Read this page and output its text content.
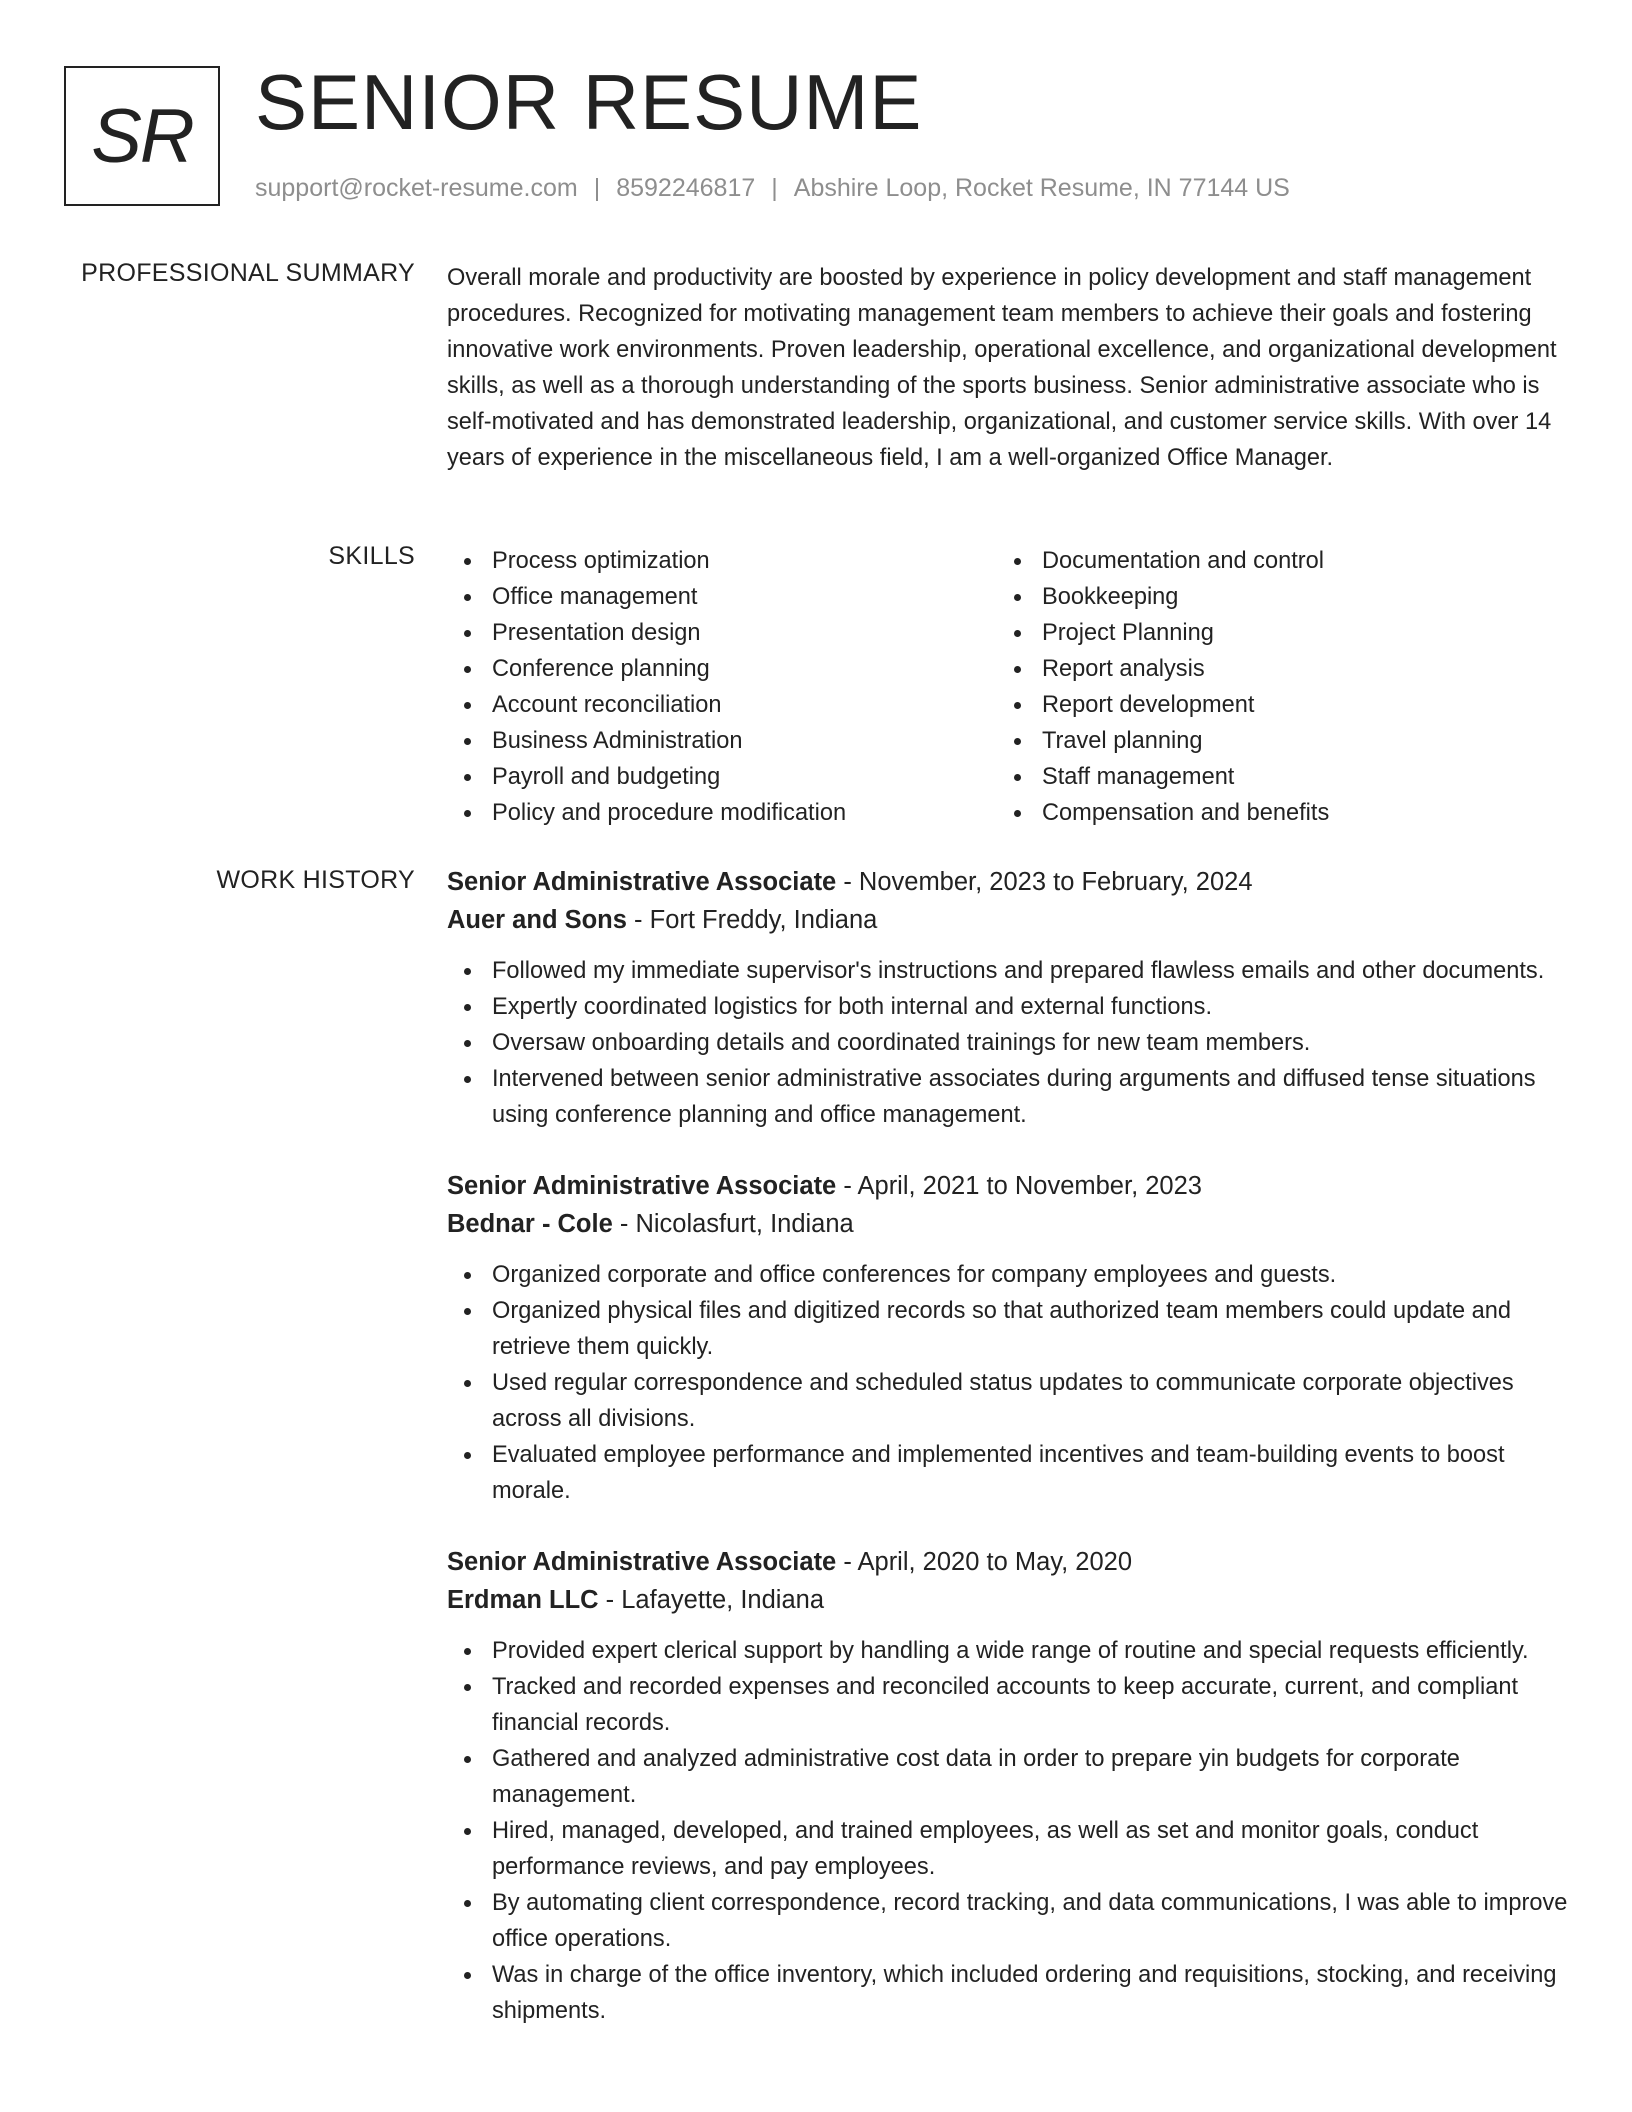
SR SENIOR RESUME
support@rocket-resume.com | 8592246817 | Abshire Loop, Rocket Resume, IN 77144 US
PROFESSIONAL SUMMARY Overall morale and productivity are boosted by experience in policy development and staff management procedures. Recognized for motivating management team members to achieve their goals and fostering innovative work environments. Proven leadership, operational excellence, and organizational development skills, as well as a thorough understanding of the sports business. Senior administrative associate who is self-motivated and has demonstrated leadership, organizational, and customer service skills. With over 14 years of experience in the miscellaneous field, I am a well-organized Office Manager.

SKILLS	Process optimization
Office management
Presentation design
Conference planning
Account reconciliation
Business Administration
Payroll and budgeting
Policy and procedure modification
Documentation and control
Bookkeeping
Project Planning
Report analysis
Report development
Travel planning
Staff management
Compensation and benefits
WORK HISTORY Senior Administrative Associate - November, 2023 to February, 2024
Auer and Sons - Fort Freddy, Indiana
Followed my immediate supervisor's instructions and prepared flawless emails and other documents.
Expertly coordinated logistics for both internal and external functions.
Oversaw onboarding details and coordinated trainings for new team members.
Intervened between senior administrative associates during arguments and diffused tense situations using conference planning and office management.
Senior Administrative Associate - April, 2021 to November, 2023
Bednar - Cole - Nicolasfurt, Indiana
Organized corporate and office conferences for company employees and guests.
Organized physical files and digitized records so that authorized team members could update and retrieve them quickly.
Used regular correspondence and scheduled status updates to communicate corporate objectives across all divisions.
Evaluated employee performance and implemented incentives and team-building events to boost morale.
Senior Administrative Associate - April, 2020 to May, 2020
Erdman LLC - Lafayette, Indiana
Provided expert clerical support by handling a wide range of routine and special requests efficiently.
Tracked and recorded expenses and reconciled accounts to keep accurate, current, and compliant financial records.
Gathered and analyzed administrative cost data in order to prepare yin budgets for corporate management.
Hired, managed, developed, and trained employees, as well as set and monitor goals, conduct performance reviews, and pay employees.
By automating client correspondence, record tracking, and data communications, I was able to improve office operations.
Was in charge of the office inventory, which included ordering and requisitions, stocking, and receiving shipments.
